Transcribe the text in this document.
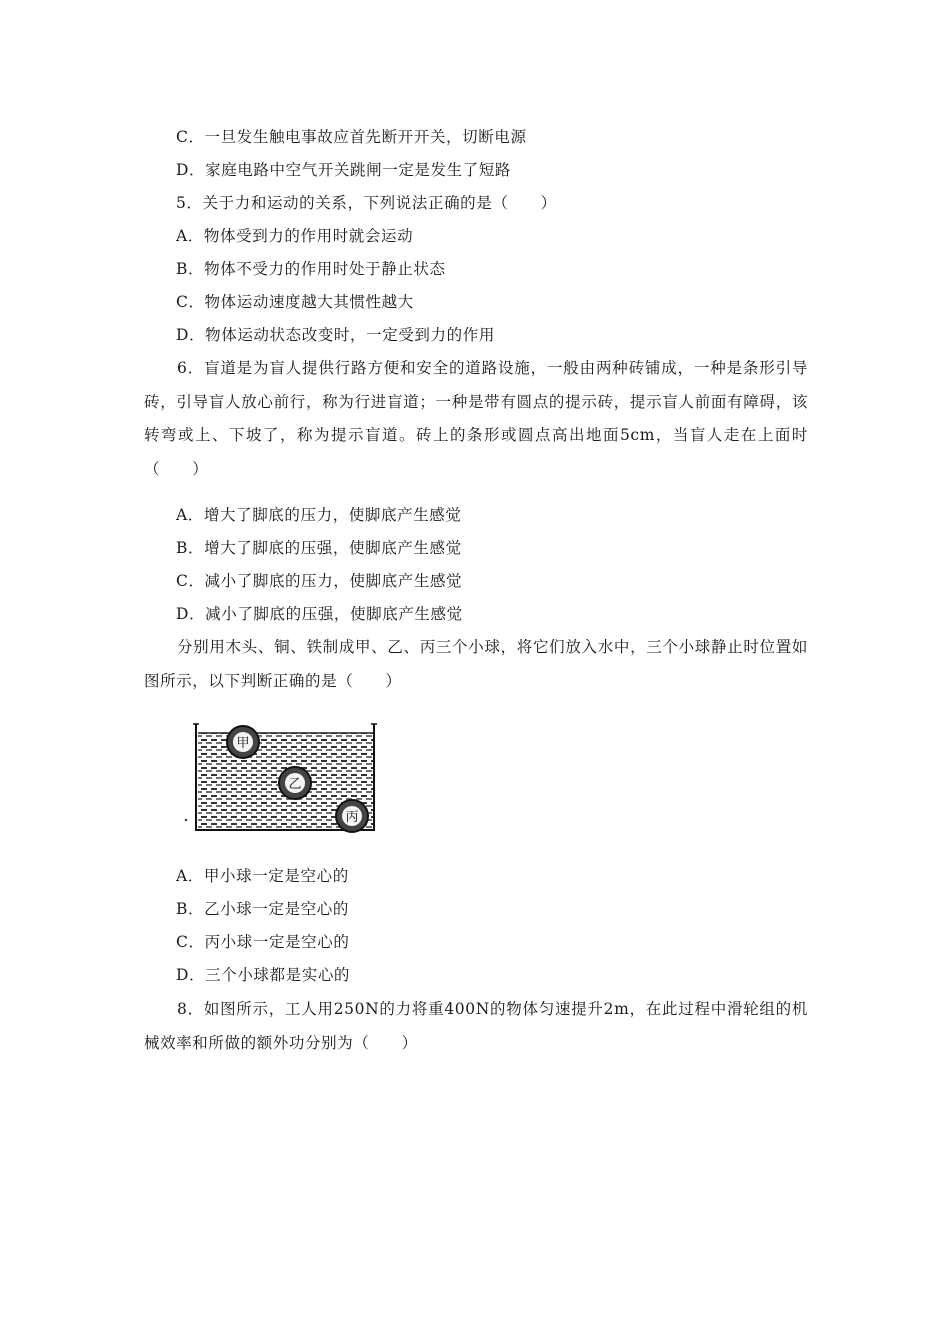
C．一旦发生触电事故应首先断开开关，切断电源
D．家庭电路中空气开关跳闸一定是发生了短路
5．关于力和运动的关系，下列说法正确的是（　　）
A．物体受到力的作用时就会运动
B．物体不受力的作用时处于静止状态
C．物体运动速度越大其惯性越大
D．物体运动状态改变时，一定受到力的作用

6．盲道是为盲人提供行路方便和安全的道路设施，一般由两种砖铺成，一种是条形引导砖，引导盲人放心前行，称为行进盲道；一种是带有圆点的提示砖，提示盲人前面有障碍，该转弯或上、下坡了，称为提示盲道。砖上的条形或圆点高出地面5cm，当盲人走在上面时（　　）

A．增大了脚底的压力，使脚底产生感觉
B．增大了脚底的压强，使脚底产生感觉
C．减小了脚底的压力，使脚底产生感觉
D．减小了脚底的压强，使脚底产生感觉

分别用木头、铜、铁制成甲、乙、丙三个小球，将它们放入水中，三个小球静止时位置如图所示，以下判断正确的是（　　）

甲
乙
丙
A．甲小球一定是空心的
B．乙小球一定是空心的
C．丙小球一定是空心的
D．三个小球都是实心的

8．如图所示，工人用250N的力将重400N的物体匀速提升2m，在此过程中滑轮组的机械效率和所做的额外功分别为（　　）
